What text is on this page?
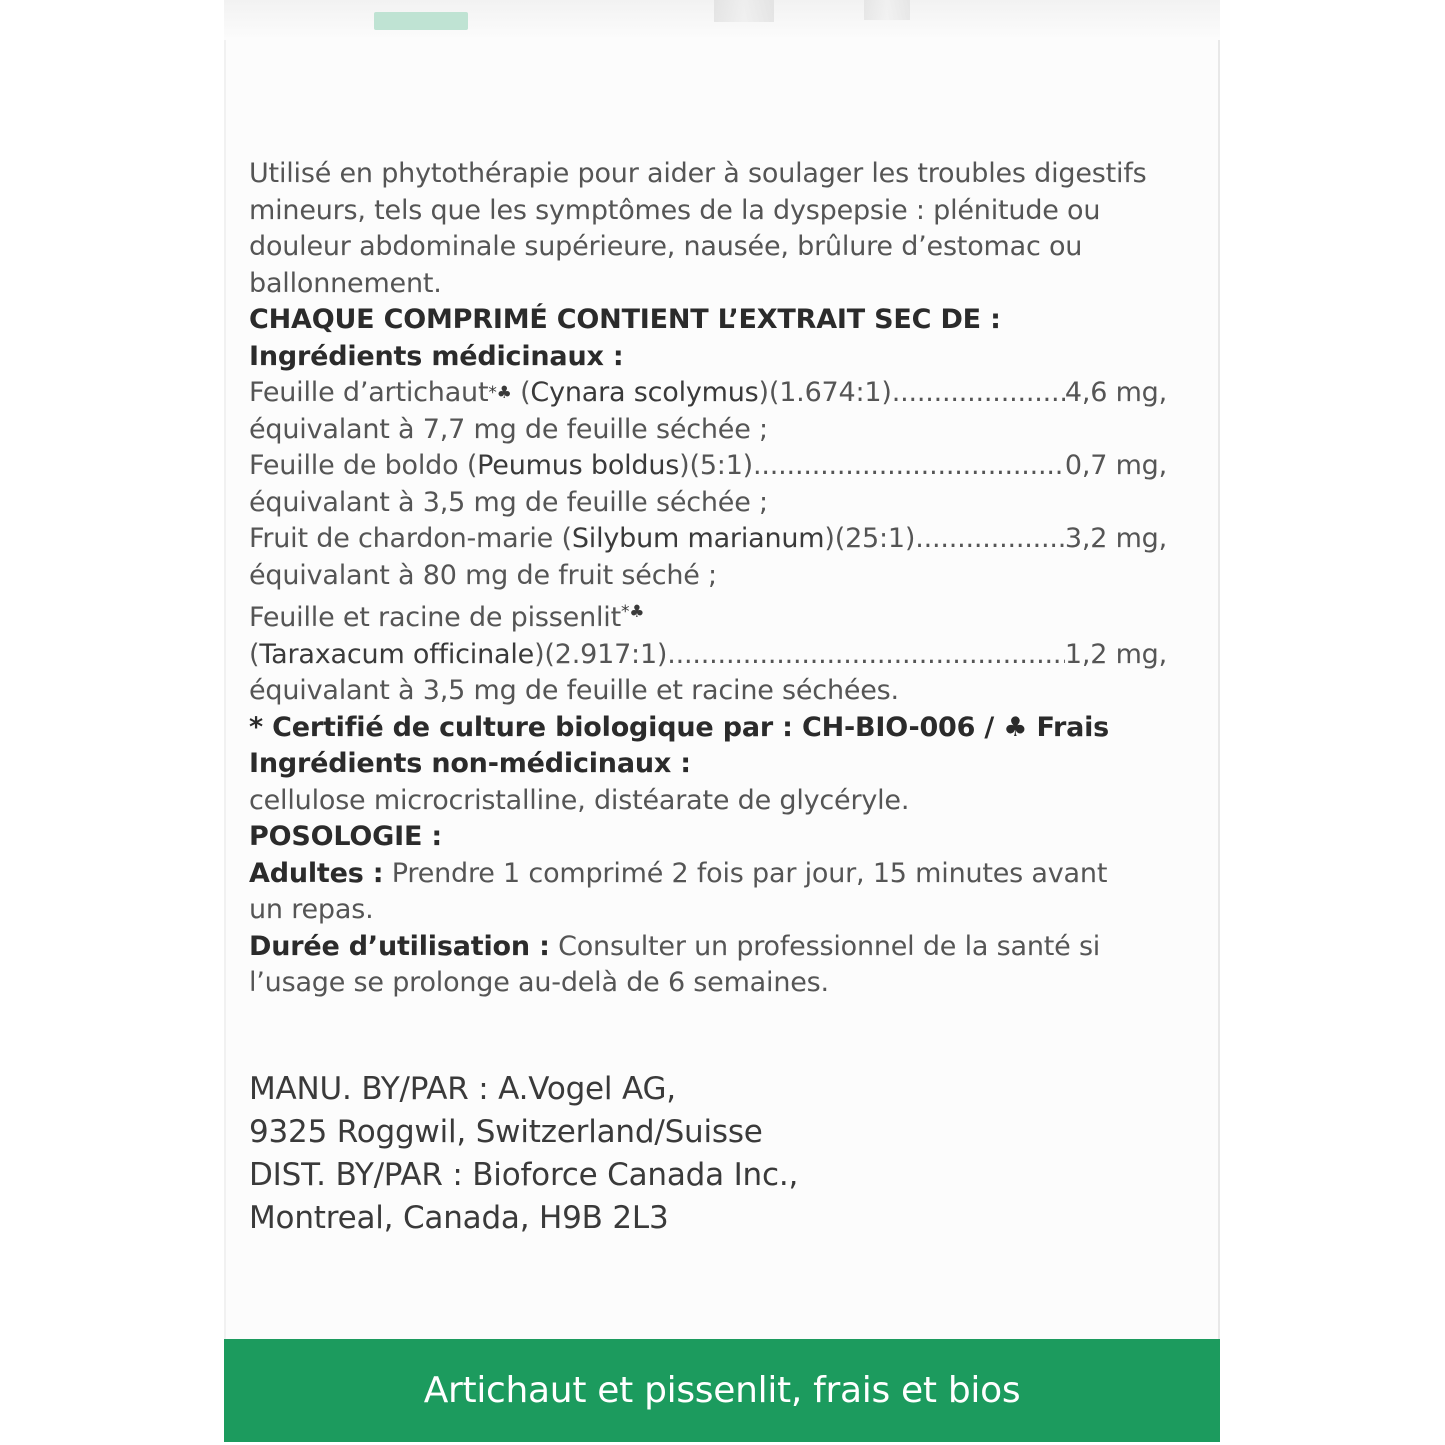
Utilisé en phytothérapie pour aider à soulager les troubles digestifs mineurs, tels que les symptômes de la dyspepsie : plénitude ou douleur abdominale supérieure, nausée, brûlure d’estomac ou ballonnement.

CHAQUE COMPRIMÉ CONTIENT L’EXTRAIT SEC DE :

Ingrédients médicinaux :

Feuille d’artichaut *♣
( Cynara scolymus ) (1.674:1) .....	4,6 mg,

équivalant à 7,7 mg de feuille séchée ;

Feuille de boldo
( Peumus boldus ) (5:1) .....	0,7 mg,

équivalant à 3,5 mg de feuille séchée ;

Fruit de chardon-marie
( Silybum marianum ) (25:1) .....	3,2 mg,

équivalant à 80 mg de fruit séché ;

Feuille et racine de pissenlit*♣

( Taraxacum officinale ) (2.917:1) .....	1,2 mg,

équivalant à 3,5 mg de feuille et racine séchées.

* Certifié de culture biologique par : CH-BIO-006 / ♣ Frais

Ingrédients non-médicinaux :

cellulose microcristalline, distéarate de glycéryle.

POSOLOGIE :

Adultes : Prendre 1 comprimé 2 fois par jour, 15 minutes avant un repas.

Durée d’utilisation : Consulter un professionnel de la santé si l’usage se prolonge au-delà de 6 semaines.

MANU. BY/PAR : A.Vogel AG,
9325 Roggwil, Switzerland/Suisse
DIST. BY/PAR : Bioforce Canada Inc.,
Montreal, Canada, H9B 2L3
Artichaut et pissenlit, frais et bios
